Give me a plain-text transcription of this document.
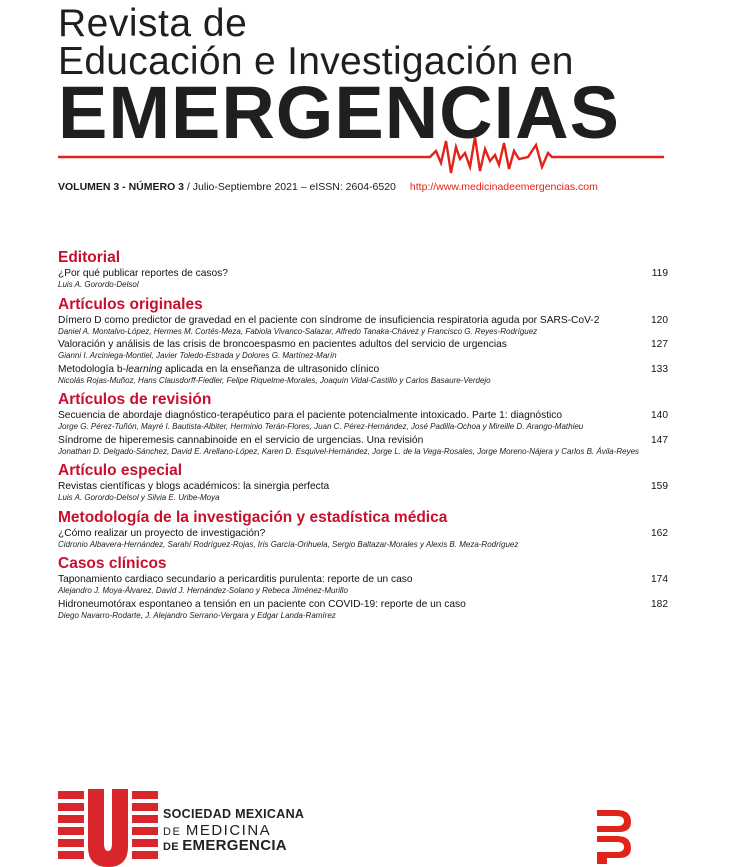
Revista de
Educación e Investigación en
EMERGENCIAS
VOLUMEN 3 - NÚMERO 3 / Julio-Septiembre 2021 – eISSN: 2604-6520 http://www.medicinadeemergencias.com
Editorial
¿Por qué publicar reportes de casos?	119
Luis A. Gorordo-Delsol
Artículos originales
Dímero D como predictor de gravedad en el paciente con síndrome de insuficiencia respiratoria aguda por SARS-CoV-2	120
Daniel A. Montalvo-López, Hermes M. Cortés-Meza, Fabiola Vivanco-Salazar, Alfredo Tanaka-Chávez y Francisco G. Reyes-Rodríguez
Valoración y análisis de las crisis de broncoespasmo en pacientes adultos del servicio de urgencias	127
Gianni I. Arciniega-Montiel, Javier Toledo-Estrada y Dolores G. Martínez-Marín
Metodología b-learning aplicada en la enseñanza de ultrasonido clínico	133
Nicolás Rojas-Muñoz, Hans Clausdorff-Fiedler, Felipe Riquelme-Morales, Joaquín Vidal-Castillo y Carlos Basaure-Verdejo
Artículos de revisión
Secuencia de abordaje diagnóstico-terapéutico para el paciente potencialmente intoxicado. Parte 1: diagnóstico	140
Jorge G. Pérez-Tuñón, Mayré I. Bautista-Albiter, Herminio Terán-Flores, Juan C. Pérez-Hernández, José Padilla-Ochoa y Mireille D. Arango-Mathieu
Síndrome de hiperemesis cannabinoide en el servicio de urgencias. Una revisión	147
Jonathan D. Delgado-Sánchez, David E. Arellano-López, Karen D. Esquivel-Hernández, Jorge L. de la Vega-Rosales, Jorge Moreno-Nájera y Carlos B. Ávila-Reyes
Artículo especial
Revistas científicas y blogs académicos: la sinergia perfecta	159
Luis A. Gorordo-Delsol y Silvia E. Uribe-Moya
Metodología de la investigación y estadística médica
¿Cómo realizar un proyecto de investigación?	162
Cidronio Albavera-Hernández, Sarahí Rodríguez-Rojas, Iris García-Orihuela, Sergio Baltazar-Morales y Alexis B. Meza-Rodríguez
Casos clínicos
Taponamiento cardiaco secundario a pericarditis purulenta: reporte de un caso	174
Alejandro J. Moya-Álvarez, David J. Hernández-Solano y Rebeca Jiménez-Murillo
Hidroneumotórax espontaneo a tensión en un paciente con COVID-19: reporte de un caso	182
Diego Navarro-Rodarte, J. Alejandro Serrano-Vergara y Edgar Landa-Ramírez
SOCIEDAD MEXICANA
DE MEDICINA
DE EMERGENCIA
